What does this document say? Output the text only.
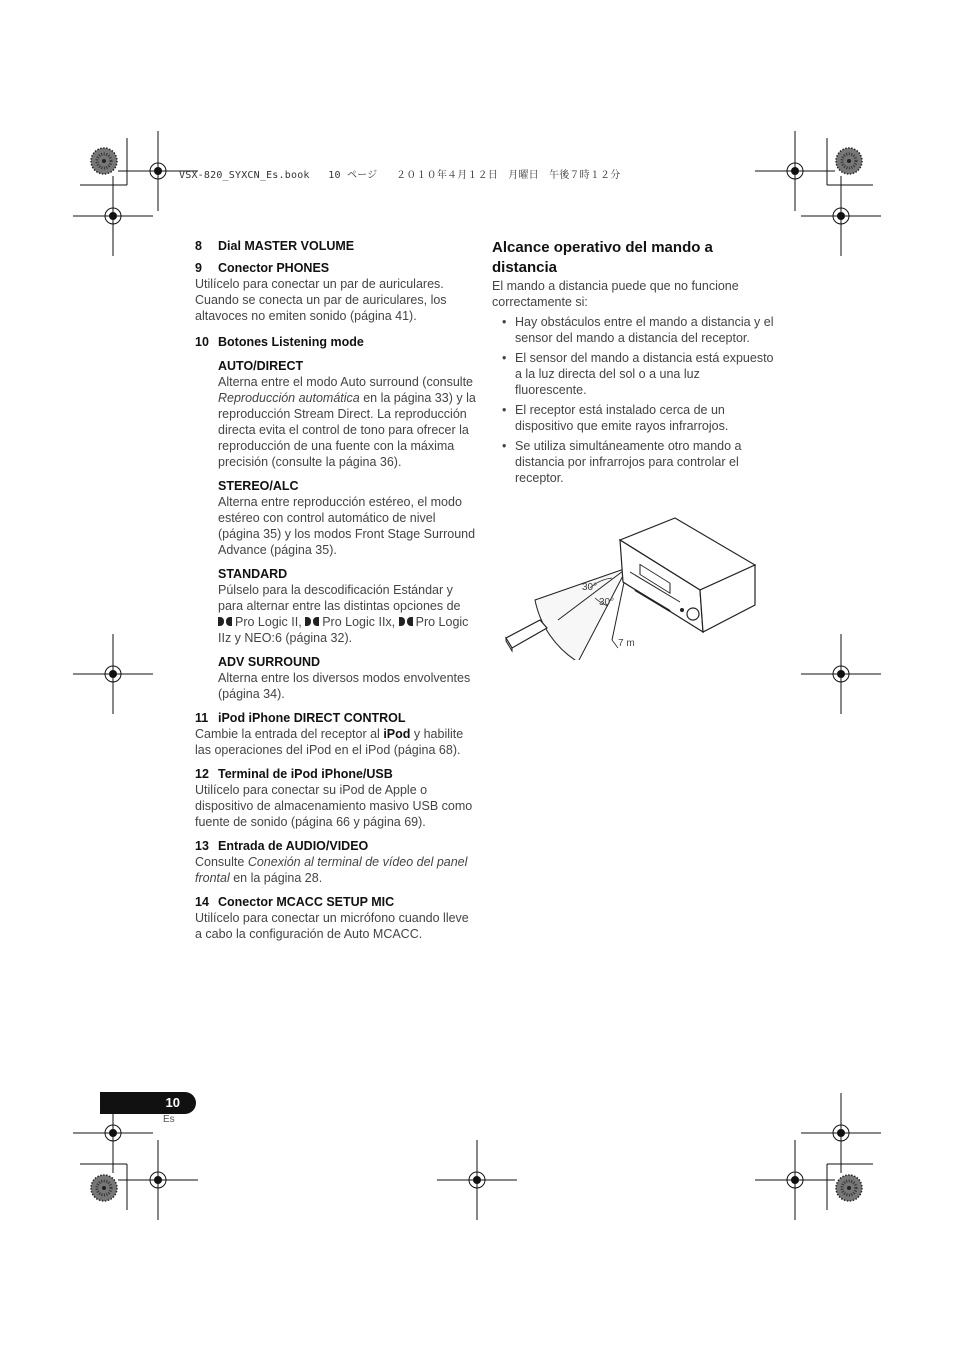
VSX-820_SYXCN_Es.book   10 ページ   ２０１０年４月１２日　月曜日　午後７時１２分
8 Dial MASTER VOLUME
9 Conector PHONES
Utilícelo para conectar un par de auriculares. Cuando se conecta un par de auriculares, los altavoces no emiten sonido (página 41).
10 Botones Listening mode
AUTO/DIRECT
Alterna entre el modo Auto surround (consulte Reproducción automática en la página 33) y la reproducción Stream Direct. La reproducción directa evita el control de tono para ofrecer la reproducción de una fuente con la máxima precisión (consulte la página 36).
STEREO/ALC
Alterna entre reproducción estéreo, el modo estéreo con control automático de nivel (página 35) y los modos Front Stage Surround Advance (página 35).
STANDARD
Púlselo para la descodificación Estándar y para alternar entre las distintas opciones de
Pro Logic II,
Pro Logic IIx,
Pro Logic IIz y NEO:6 (página 32).
ADV SURROUND
Alterna entre los diversos modos envolventes (página 34).
11 iPod iPhone DIRECT CONTROL
Cambie la entrada del receptor al iPod y habilite las operaciones del iPod en el iPod (página 68).
12 Terminal de iPod iPhone/USB
Utilícelo para conectar su iPod de Apple o dispositivo de almacenamiento masivo USB como fuente de sonido (página 66 y página 69).
13 Entrada de AUDIO/VIDEO
Consulte Conexión al terminal de vídeo del panel frontal en la página 28.
14 Conector MCACC SETUP MIC
Utilícelo para conectar un micrófono cuando lleve a cabo la configuración de Auto MCACC.
Alcance operativo del mando a distancia
El mando a distancia puede que no funcione correctamente si:
• Hay obstáculos entre el mando a distancia y el sensor del mando a distancia del receptor.
• El sensor del mando a distancia está expuesto a la luz directa del sol o a una luz fluorescente.
• El receptor está instalado cerca de un dispositivo que emite rayos infrarrojos.
• Se utiliza simultáneamente otro mando a distancia por infrarrojos para controlar el receptor.
30°
30°
7 m
10
Es
